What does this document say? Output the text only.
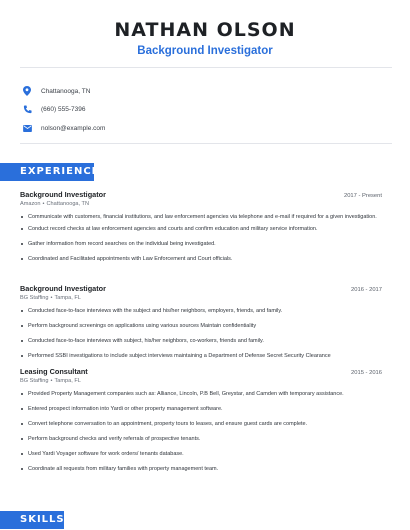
NATHAN OLSON
Background Investigator
Chattanooga, TN
(660) 555-7396
nolson@example.com
EXPERIENCE
Background Investigator	2017 - Present
Amazon • Chattanooga, TN
Communicate with customers, financial institutions, and law enforcement agencies via telephone and e-mail if required for a given investigation.
Conduct record checks at law enforcement agencies and courts and confirm education and military service information.
Gather information from record searches on the individual being investigated.
Coordinated and Facilitated appointments with Law Enforcement and Court officials.
Background Investigator	2016 - 2017
BG Staffing • Tampa, FL
Conducted face-to-face interviews with the subject and his/her neighbors, employers, friends, and family.
Perform background screenings on applications using various sources Maintain confidentiality
Conducted face-to-face interviews with subject, his/her neighbors, co-workers, friends and family.
Performed SSBI investigations to include subject interviews maintaining a Department of Defense Secret Security Clearance
Leasing Consultant	2015 - 2016
BG Staffing • Tampa, FL
Provided Property Management companies such as: Alliance, Lincoln, P.B Bell, Greystar, and Camden with temporary assistance.
Entered prospect information into Yardi or other property management software.
Convert telephone conversation to an appointment, property tours to leases, and ensure guest cards are complete.
Perform background checks and verify referrals of prospective tenants.
Used Yardi Voyager software for work orders/ tenants database.
Coordinate all requests from military families with property management team.
SKILLS
